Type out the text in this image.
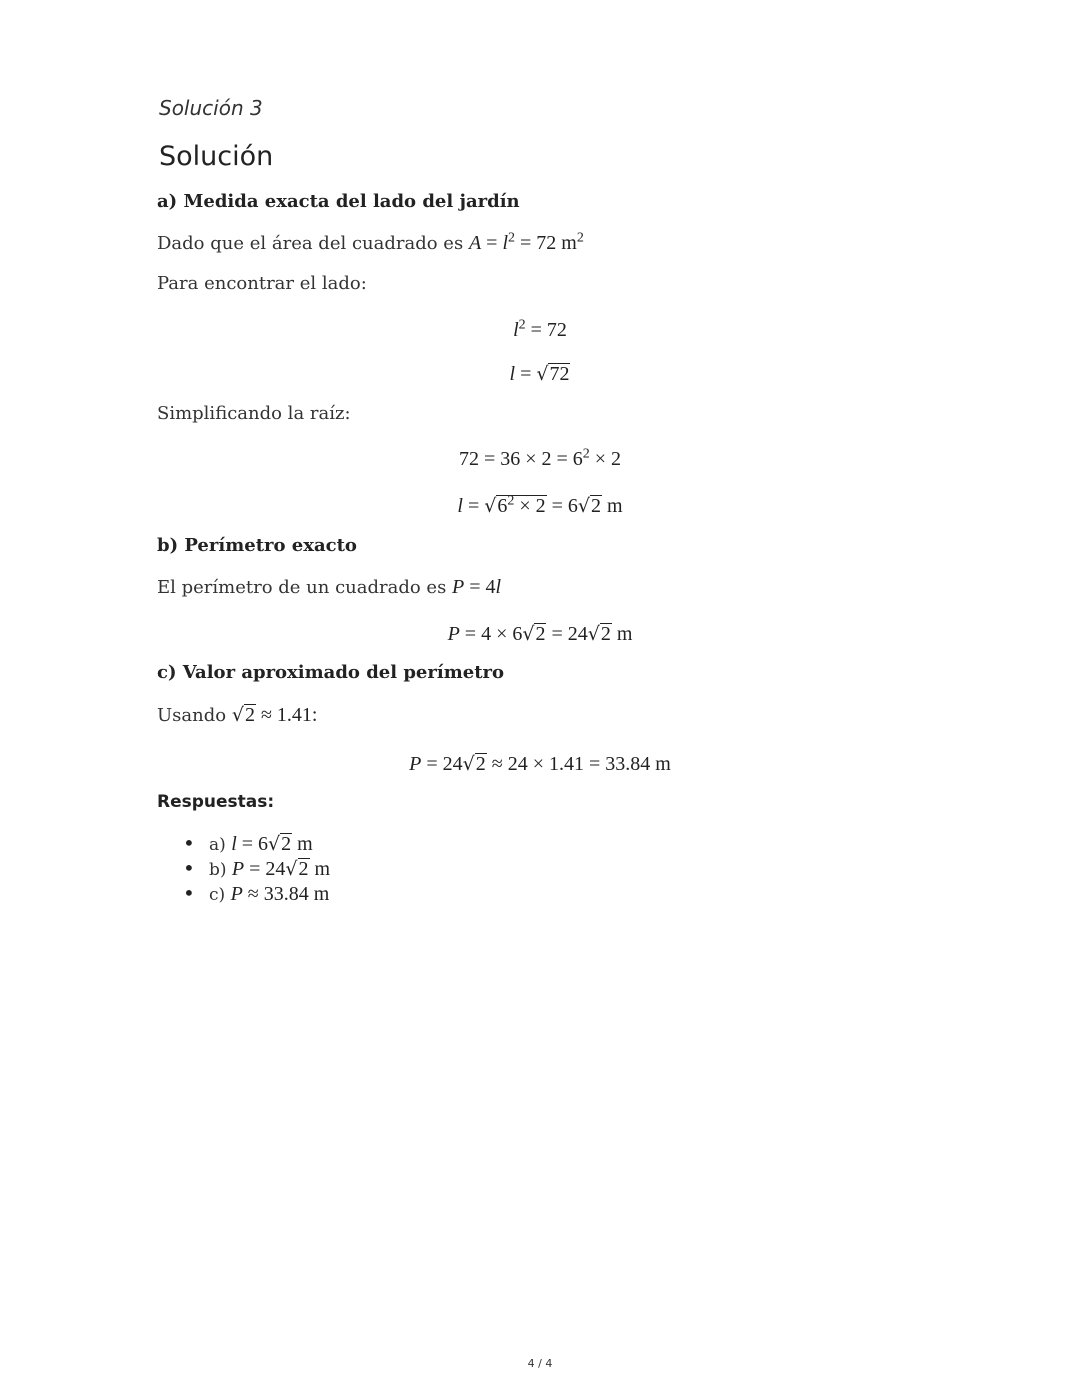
Solución 3
Solución
a) Medida exacta del lado del jardín
Dado que el área del cuadrado es $A = l^2 = 72$ $m^2$
Para encontrar el lado:
$l^2 = 72$
l = √72
Simplificando la raíz:
$72 = 36 \times 2 = 6^2 \times 2$
$l = √6^2 \times 2 = 6√2$ m
b) Perímetro exacto
El perímetro de un cuadrado es P = 4l
P = 4 × 6√2 = 24√2 m
c) Valor aproximado del perímetro
Usando √2 ≈ 1.41:
P = 24√2 ≈ 24 × 1.41 = 33.84 m
Respuestas:
• a) l = 6√2 m
• b) P = 24√2 m
• c) P ≈ 33.84 m
4 / 4
